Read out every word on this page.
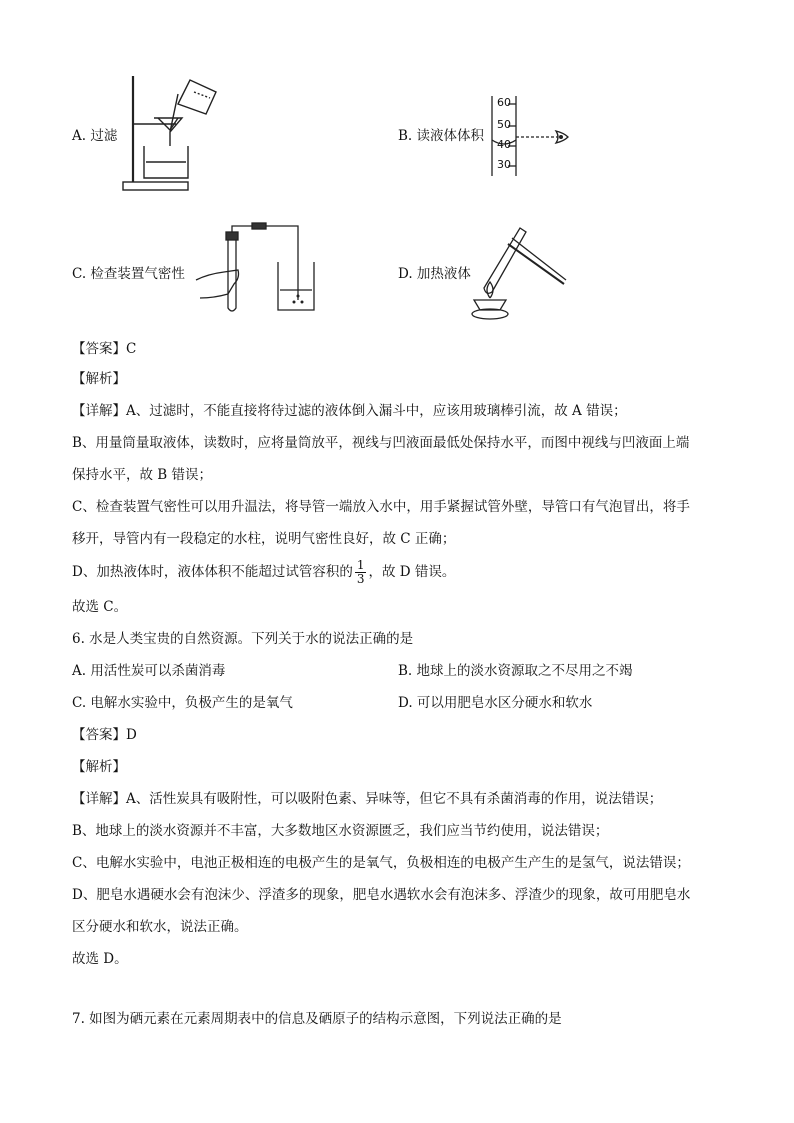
A. 过滤	B. 读液体体积
60
50
40
30
C. 检查装置气密性	D. 加热液体
【答案】C
【解析】
【详解】A、过滤时，不能直接将待过滤的液体倒入漏斗中，应该用玻璃棒引流，故 A 错误；
B、用量筒量取液体，读数时，应将量筒放平，视线与凹液面最低处保持水平，而图中视线与凹液面上端
保持水平，故 B 错误；
C、检查装置气密性可以用升温法，将导管一端放入水中，用手紧握试管外壁，导管口有气泡冒出，将手
移开，导管内有一段稳定的水柱，说明气密性良好，故 C 正确；
D、加热液体时，液体体积不能超过试管容积的 $\frac{1}{3}$ ，故 D 错误。
故选 C。
6. 水是人类宝贵的自然资源。下列关于水的说法正确的是
A. 用活性炭可以杀菌消毒	B. 地球上的淡水资源取之不尽用之不竭
C. 电解水实验中，负极产生的是氧气	D. 可以用肥皂水区分硬水和软水
【答案】D
【解析】
【详解】A、活性炭具有吸附性，可以吸附色素、异味等，但它不具有杀菌消毒的作用，说法错误；
B、地球上的淡水资源并不丰富，大多数地区水资源匮乏，我们应当节约使用，说法错误；
C、电解水实验中，电池正极相连的电极产生的是氧气，负极相连的电极产生产生的是氢气，说法错误；
D、肥皂水遇硬水会有泡沫少、浮渣多的现象，肥皂水遇软水会有泡沫多、浮渣少的现象，故可用肥皂水
区分硬水和软水，说法正确。
故选 D。
7. 如图为硒元素在元素周期表中的信息及硒原子的结构示意图，下列说法正确的是
